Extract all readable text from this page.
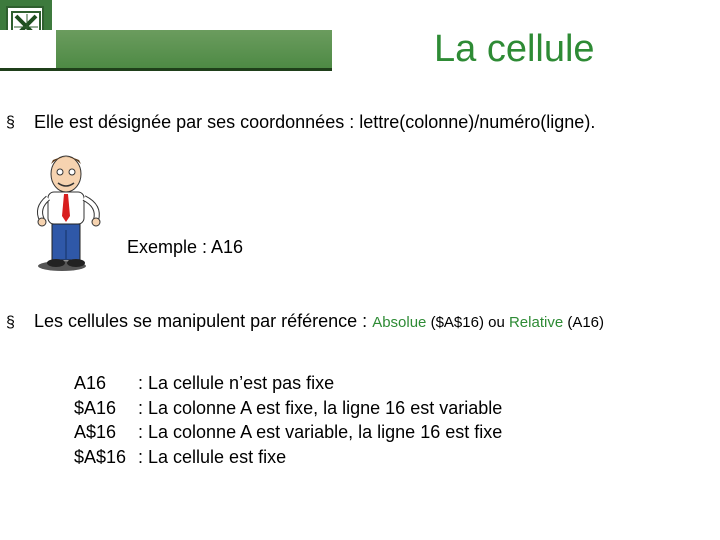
La cellule
§ Elle est désignée par ses coordonnées : lettre(colonne)/numéro(ligne).
Exemple : A16
§ Les cellules se manipulent par référence : Absolue ($A$16) ou Relative (A16)
A16	: La cellule n’est pas fixe
$A16	: La colonne A est fixe, la ligne 16 est variable
A$16	: La colonne A est variable, la ligne 16 est fixe
$A$16 : La cellule est fixe
